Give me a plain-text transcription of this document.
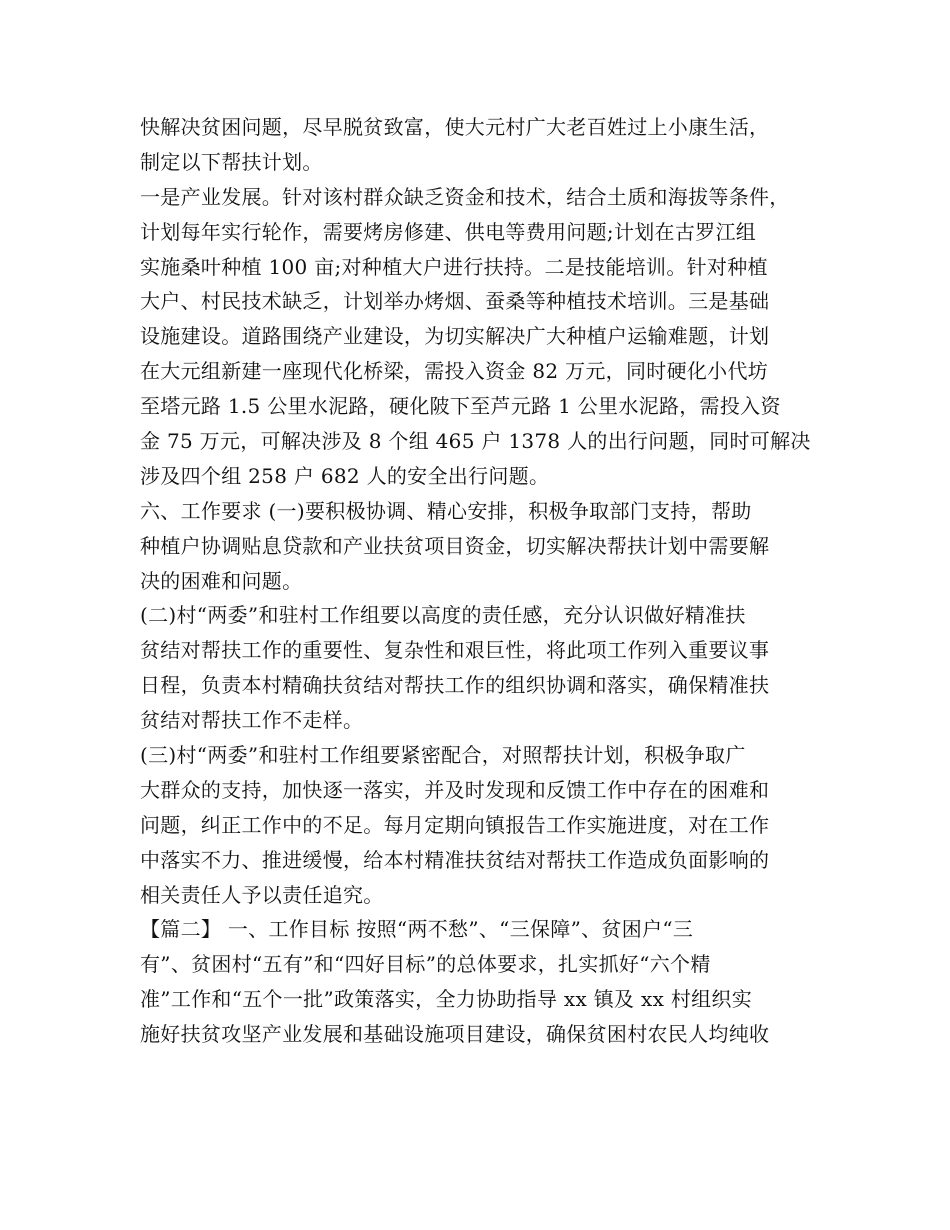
快解决贫困问题，尽早脱贫致富，使大元村广大老百姓过上小康生活，
制定以下帮扶计划。
一是产业发展。针对该村群众缺乏资金和技术，结合土质和海拔等条件，
计划每年实行轮作，需要烤房修建、供电等费用问题;计划在古罗江组
实施桑叶种植 100 亩;对种植大户进行扶持。二是技能培训。针对种植
大户、村民技术缺乏，计划举办烤烟、蚕桑等种植技术培训。三是基础
设施建设。道路围绕产业建设，为切实解决广大种植户运输难题，计划
在大元组新建一座现代化桥梁，需投入资金 82 万元，同时硬化小代坊
至塔元路 1.5 公里水泥路，硬化陂下至芦元路 1 公里水泥路，需投入资
金 75 万元，可解决涉及 8 个组 465 户 1378 人的出行问题，同时可解决
涉及四个组 258 户 682 人的安全出行问题。
六、工作要求 (一)要积极协调、精心安排，积极争取部门支持，帮助
种植户协调贴息贷款和产业扶贫项目资金，切实解决帮扶计划中需要解
决的困难和问题。
(二)村“两委”和驻村工作组要以高度的责任感，充分认识做好精准扶
贫结对帮扶工作的重要性、复杂性和艰巨性，将此项工作列入重要议事
日程，负责本村精确扶贫结对帮扶工作的组织协调和落实，确保精准扶
贫结对帮扶工作不走样。
(三)村“两委”和驻村工作组要紧密配合，对照帮扶计划，积极争取广
大群众的支持，加快逐一落实，并及时发现和反馈工作中存在的困难和
问题，纠正工作中的不足。每月定期向镇报告工作实施进度，对在工作
中落实不力、推进缓慢，给本村精准扶贫结对帮扶工作造成负面影响的
相关责任人予以责任追究。
【篇二】 一、工作目标 按照“两不愁”、“三保障”、贫困户“三
有”、贫困村“五有”和“四好目标”的总体要求，扎实抓好“六个精
准”工作和“五个一批”政策落实，全力协助指导 xx 镇及 xx 村组织实
施好扶贫攻坚产业发展和基础设施项目建设，确保贫困村农民人均纯收
